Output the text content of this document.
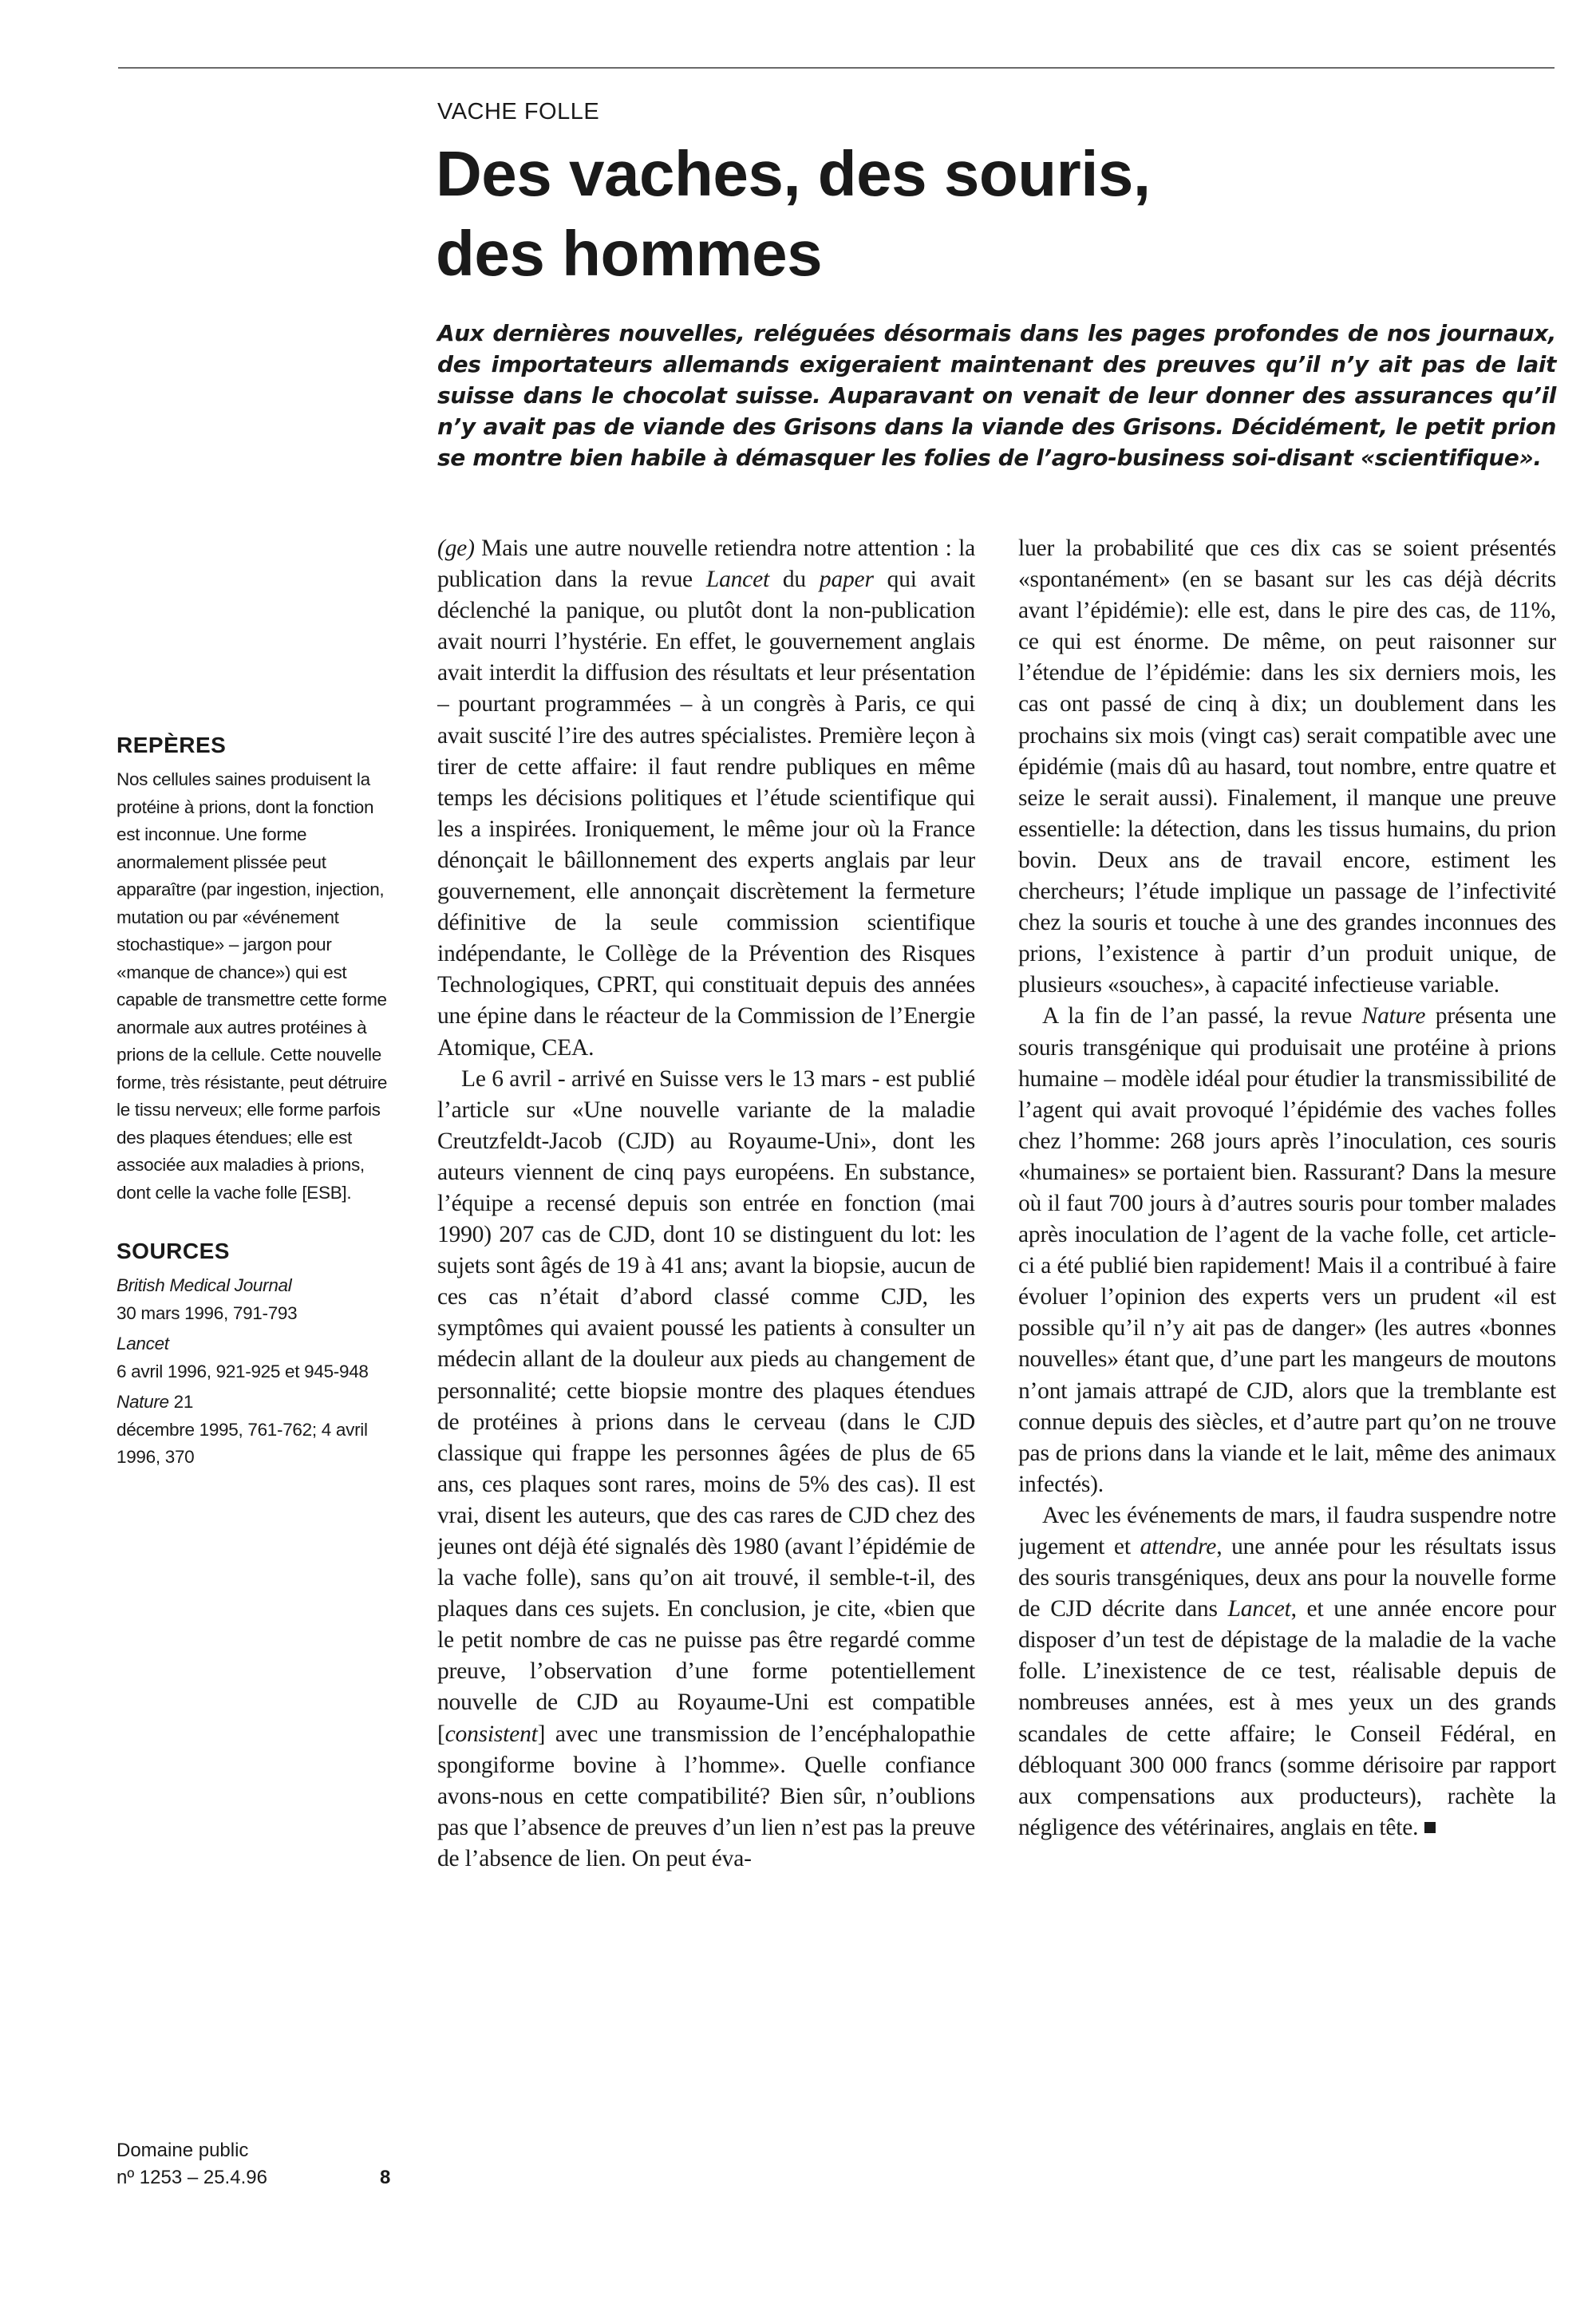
VACHE FOLLE

Des vaches, des souris,
des hommes

Aux dernières nouvelles, reléguées désormais dans les pages profondes de nos journaux, des importateurs allemands exigeraient maintenant des preuves qu’il n’y ait pas de lait suisse dans le chocolat suisse. Auparavant on venait de leur donner des assurances qu’il n’y avait pas de viande des Grisons dans la viande des Grisons. Décidément, le petit prion se montre bien habile à démasquer les folies de l’agro-business soi-disant «scientifique».

REPÈRES

Nos cellules saines produisent la protéine à prions, dont la fonction est inconnue. Une forme anormalement plissée peut apparaître (par ingestion, injection, mutation ou par «événement stochastique» – jargon pour «manque de chance») qui est capable de transmettre cette forme anormale aux autres protéines à prions de la cellule. Cette nouvelle forme, très résistante, peut détruire le tissu nerveux; elle forme parfois des plaques étendues; elle est associée aux maladies à prions, dont celle la vache folle [ESB].

SOURCES
British Medical Journal
30 mars 1996, 791-793
Lancet
6 avril 1996, 921-925 et 945-948
Nature 21
décembre 1995, 761-762; 4 avril 1996, 370

Domaine public

nº 1253 – 25.4.96	8

(ge) Mais une autre nouvelle retiendra notre attention : la publication dans la revue Lancet du paper qui avait déclenché la panique, ou plutôt dont la non-publication avait nourri l’hystérie. En effet, le gouvernement anglais avait interdit la diffusion des résultats et leur présentation – pourtant programmées – à un congrès à Paris, ce qui avait suscité l’ire des autres spécialistes. Première leçon à tirer de cette affaire: il faut rendre publiques en même temps les décisions politiques et l’étude scientifique qui les a inspirées. Ironiquement, le même jour où la France dénonçait le bâillonnement des experts anglais par leur gouvernement, elle annonçait discrètement la fermeture définitive de la seule commission scientifique indépendante, le Collège de la Prévention des Risques Technologiques, CPRT, qui constituait depuis des années une épine dans le réacteur de la Commission de l’Energie Atomique, CEA.

Le 6 avril - arrivé en Suisse vers le 13 mars - est publié l’article sur «Une nouvelle variante de la maladie Creutzfeldt-Jacob (CJD) au Royaume-Uni», dont les auteurs viennent de cinq pays européens. En substance, l’équipe a recensé depuis son entrée en fonction (mai 1990) 207 cas de CJD, dont 10 se distinguent du lot: les sujets sont âgés de 19 à 41 ans; avant la biopsie, aucun de ces cas n’était d’abord classé comme CJD, les symptômes qui avaient poussé les patients à consulter un médecin allant de la douleur aux pieds au changement de personnalité; cette biopsie montre des plaques étendues de protéines à prions dans le cerveau (dans le CJD classique qui frappe les personnes âgées de plus de 65 ans, ces plaques sont rares, moins de 5% des cas). Il est vrai, disent les auteurs, que des cas rares de CJD chez des jeunes ont déjà été signalés dès 1980 (avant l’épidémie de la vache folle), sans qu’on ait trouvé, il semble-t-il, des plaques dans ces sujets. En conclusion, je cite, «bien que le petit nombre de cas ne puisse pas être regardé comme preuve, l’observation d’une forme potentiellement nouvelle de CJD au Royaume-Uni est compatible [consistent] avec une transmission de l’encéphalopathie spongiforme bovine à l’homme». Quelle confiance avons-nous en cette compatibilité? Bien sûr, n’oublions pas que l’absence de preuves d’un lien n’est pas la preuve de l’absence de lien. On peut éva-

luer la probabilité que ces dix cas se soient présentés «spontanément» (en se basant sur les cas déjà décrits avant l’épidémie): elle est, dans le pire des cas, de 11%, ce qui est énorme. De même, on peut raisonner sur l’étendue de l’épidémie: dans les six derniers mois, les cas ont passé de cinq à dix; un doublement dans les prochains six mois (vingt cas) serait compatible avec une épidémie (mais dû au hasard, tout nombre, entre quatre et seize le serait aussi). Finalement, il manque une preuve essentielle: la détection, dans les tissus humains, du prion bovin. Deux ans de travail encore, estiment les chercheurs; l’étude implique un passage de l’infectivité chez la souris et touche à une des grandes inconnues des prions, l’existence à partir d’un produit unique, de plusieurs «souches», à capacité infectieuse variable.

A la fin de l’an passé, la revue Nature présenta une souris transgénique qui produisait une protéine à prions humaine – modèle idéal pour étudier la transmissibilité de l’agent qui avait provoqué l’épidémie des vaches folles chez l’homme: 268 jours après l’inoculation, ces souris «humaines» se portaient bien. Rassurant? Dans la mesure où il faut 700 jours à d’autres souris pour tomber malades après inoculation de l’agent de la vache folle, cet article-ci a été publié bien rapidement! Mais il a contribué à faire évoluer l’opinion des experts vers un prudent «il est possible qu’il n’y ait pas de danger» (les autres «bonnes nouvelles» étant que, d’une part les mangeurs de moutons n’ont jamais attrapé de CJD, alors que la tremblante est connue depuis des siècles, et d’autre part qu’on ne trouve pas de prions dans la viande et le lait, même des animaux infectés).

Avec les événements de mars, il faudra suspendre notre jugement et attendre, une année pour les résultats issus des souris transgéniques, deux ans pour la nouvelle forme de CJD décrite dans Lancet, et une année encore pour disposer d’un test de dépistage de la maladie de la vache folle. L’inexistence de ce test, réalisable depuis de nombreuses années, est à mes yeux un des grands scandales de cette affaire; le Conseil Fédéral, en débloquant 300 000 francs (somme dérisoire par rapport aux compensations aux producteurs), rachète la négligence des vétérinaires, anglais en tête.
